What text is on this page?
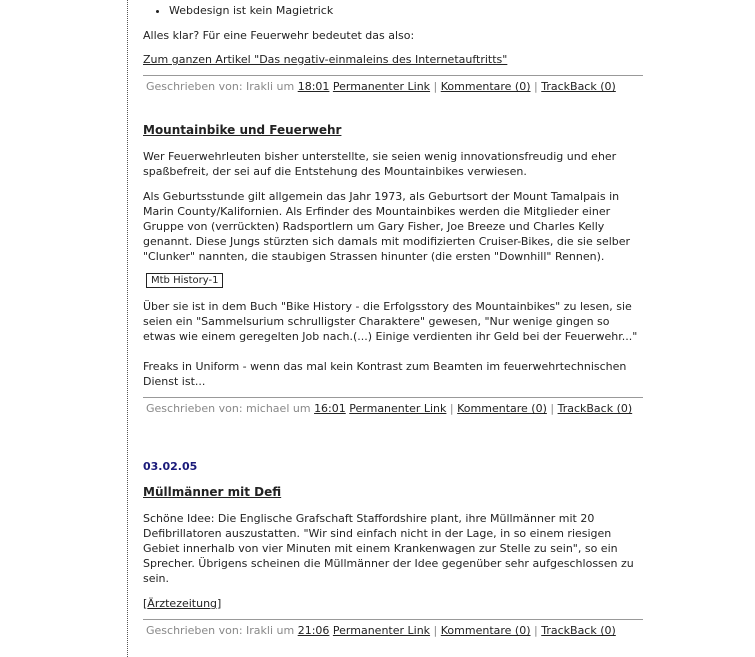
• Webdesign ist kein Magietrick

Alles klar? Für eine Feuerwehr bedeutet das also:

Zum ganzen Artikel "Das negativ-einmaleins des Internetauftritts"

Geschrieben von: Irakli um 18:01 Permanenter Link | Kommentare (0) | TrackBack (0)
Mountainbike und Feuerwehr

Wer Feuerwehrleuten bisher unterstellte, sie seien wenig innovationsfreudig und eher spaßbefreit, der sei auf die Entstehung des Mountainbikes verwiesen.

Als Geburtsstunde gilt allgemein das Jahr 1973, als Geburtsort der Mount Tamalpais in Marin County/Kalifornien. Als Erfinder des Mountainbikes werden die Mitglieder einer Gruppe von (verrückten) Radsportlern um Gary Fisher, Joe Breeze und Charles Kelly genannt. Diese Jungs stürzten sich damals mit modifizierten Cruiser-Bikes, die sie selber "Clunker" nannten, die staubigen Strassen hinunter (die ersten "Downhill" Rennen).

Mtb History-1

Über sie ist in dem Buch "Bike History - die Erfolgsstory des Mountainbikes" zu lesen, sie seien ein "Sammelsurium schrulligster Charaktere" gewesen, "Nur wenige gingen so etwas wie einem geregelten Job nach.(...) Einige verdienten ihr Geld bei der Feuerwehr..."

Freaks in Uniform - wenn das mal kein Kontrast zum Beamten im feuerwehrtechnischen Dienst ist...

Geschrieben von: michael um 16:01 Permanenter Link | Kommentare (0) | TrackBack (0)

03.02.05

Müllmänner mit Defi

Schöne Idee: Die Englische Grafschaft Staffordshire plant, ihre Müllmänner mit 20 Defibrillatoren auszustatten. "Wir sind einfach nicht in der Lage, in so einem riesigen Gebiet innerhalb von vier Minuten mit einem Krankenwagen zur Stelle zu sein", so ein Sprecher. Übrigens scheinen die Müllmänner der Idee gegenüber sehr aufgeschlossen zu sein.

[Ärztezeitung]

Geschrieben von: Irakli um 21:06 Permanenter Link | Kommentare (0) | TrackBack (0)
